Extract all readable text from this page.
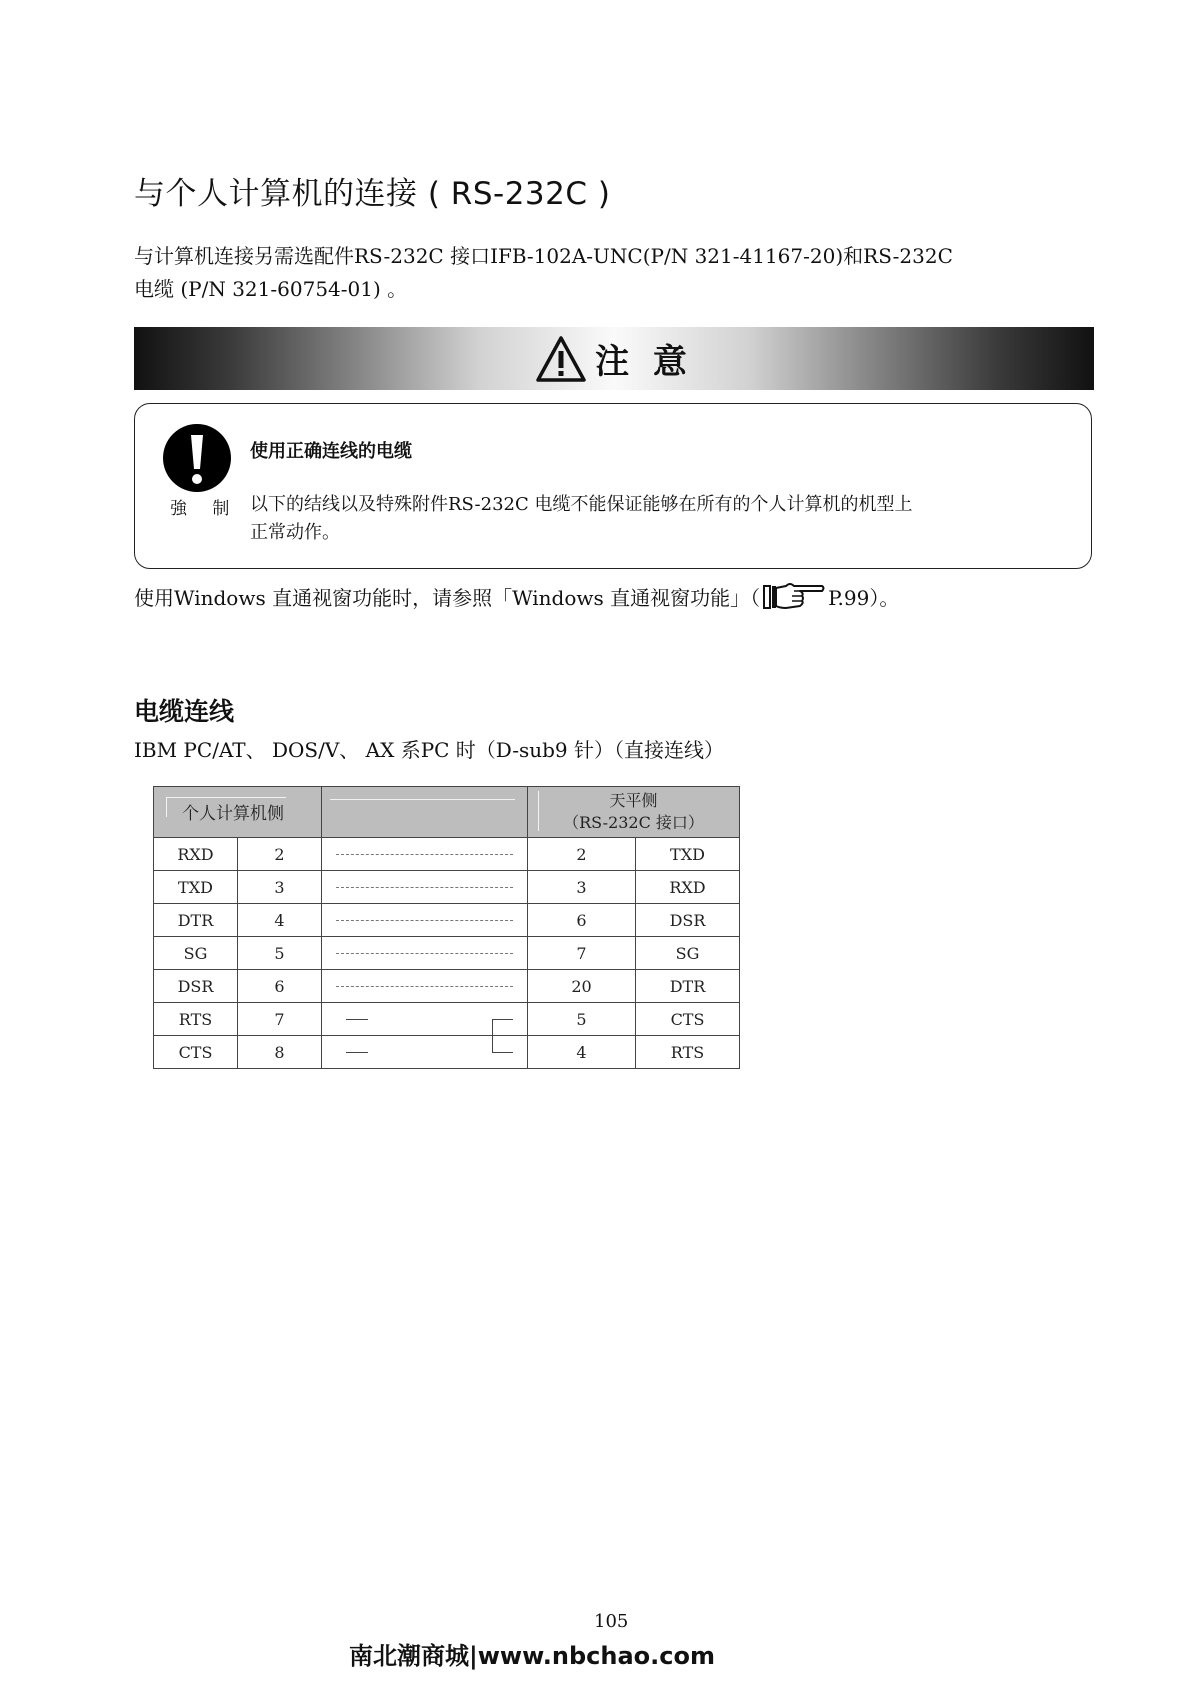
与个人计算机的连接 ( RS-232C )
与计算机连接另需选配件RS-232C 接口IFB-102A-UNC(P/N 321-41167-20)和RS-232C
电缆 (P/N 321-60754-01) 。
注 意
強 制
使用正确连线的电缆
以下的结线以及特殊附件RS-232C 电缆不能保证能够在所有的个人计算机的机型上
正常动作。
使用Windows 直通视窗功能时，请参照「Windows 直通视窗功能」（	P.99）。
电缆连线
IBM PC/AT、 DOS/V、 AX 系PC 时（D-sub9 针）（直接连线）
个人计算机侧			天平侧
（RS-232C 接口）	

RXD	2		2	TXD
TXD	3		3	RXD
DTR	4		6	DSR
SG	5		7	SG
DSR	6		20	DTR
RTS	7		5	CTS
CTS	8		4	RTS
105
南北潮商城|www.nbchao.com
